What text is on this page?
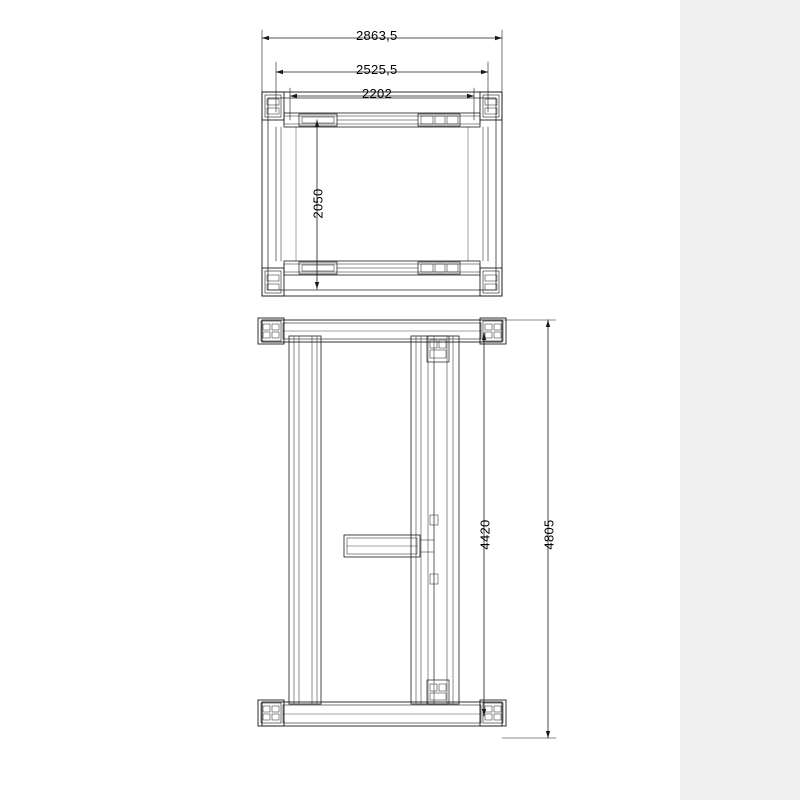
2863,5
2525,5
2202
2050
4420	4805
